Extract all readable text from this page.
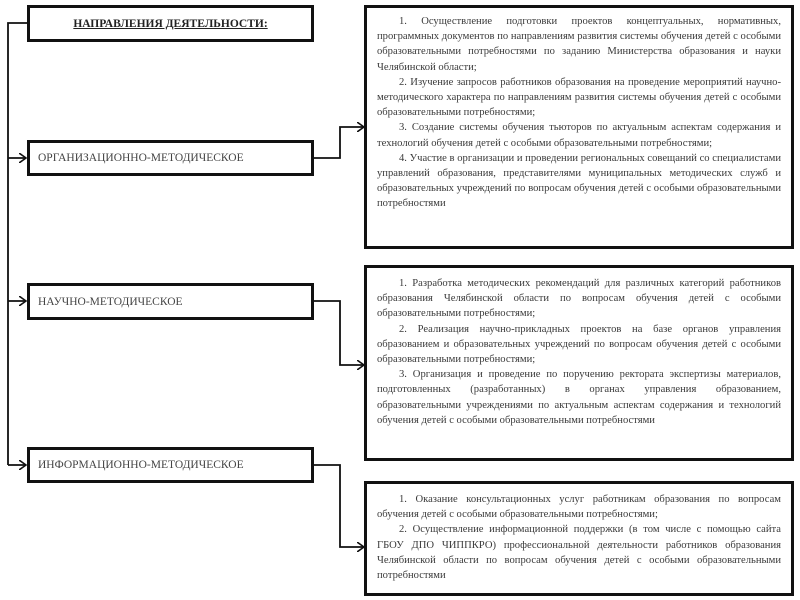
НАПРАВЛЕНИЯ ДЕЯТЕЛЬНОСТИ:
ОРГАНИЗАЦИОННО-МЕТОДИЧЕСКОЕ
НАУЧНО-МЕТОДИЧЕСКОЕ
ИНФОРМАЦИОННО-МЕТОДИЧЕСКОЕ

1. Осуществление подготовки проектов концептуальных, нормативных, программных документов по направлениям развития системы обучения детей с особыми образовательными потребностями по заданию Министерства образования и науки Челябинской области;

2. Изучение запросов работников образования на проведение мероприятий научно-методического характера по направлениям развития системы обучения детей с особыми образовательными потребностями;

3. Создание системы обучения тьюторов по актуальным аспектам содержания и технологий обучения детей с особыми образовательными потребностями;

4. Участие в организации и проведении региональных совещаний со специалистами управлений образования, представителями муниципальных методических служб и образовательных учреждений по вопросам обучения детей с особыми образовательными потребностями

1. Разработка методических рекомендаций для различных категорий работников образования Челябинской области по вопросам обучения детей с особыми образовательными потребностями;

2. Реализация научно-прикладных проектов на базе органов управления образованием и образовательных учреждений по вопросам обучения детей с особыми образовательными потребностями;

3. Организация и проведение по поручению ректората экспертизы материалов, подготовленных (разработанных) в органах управления образованием, образовательными учреждениями по актуальным аспектам содержания и технологий обучения детей с особыми образовательными потребностями

1. Оказание консультационных услуг работникам образования по вопросам обучения детей с особыми образовательными потребностями;

2. Осуществление информационной поддержки (в том числе с помощью сайта ГБОУ ДПО ЧИППКРО) профессиональной деятельности работников образования Челябинской области по вопросам обучения детей с особыми образовательными потребностями
